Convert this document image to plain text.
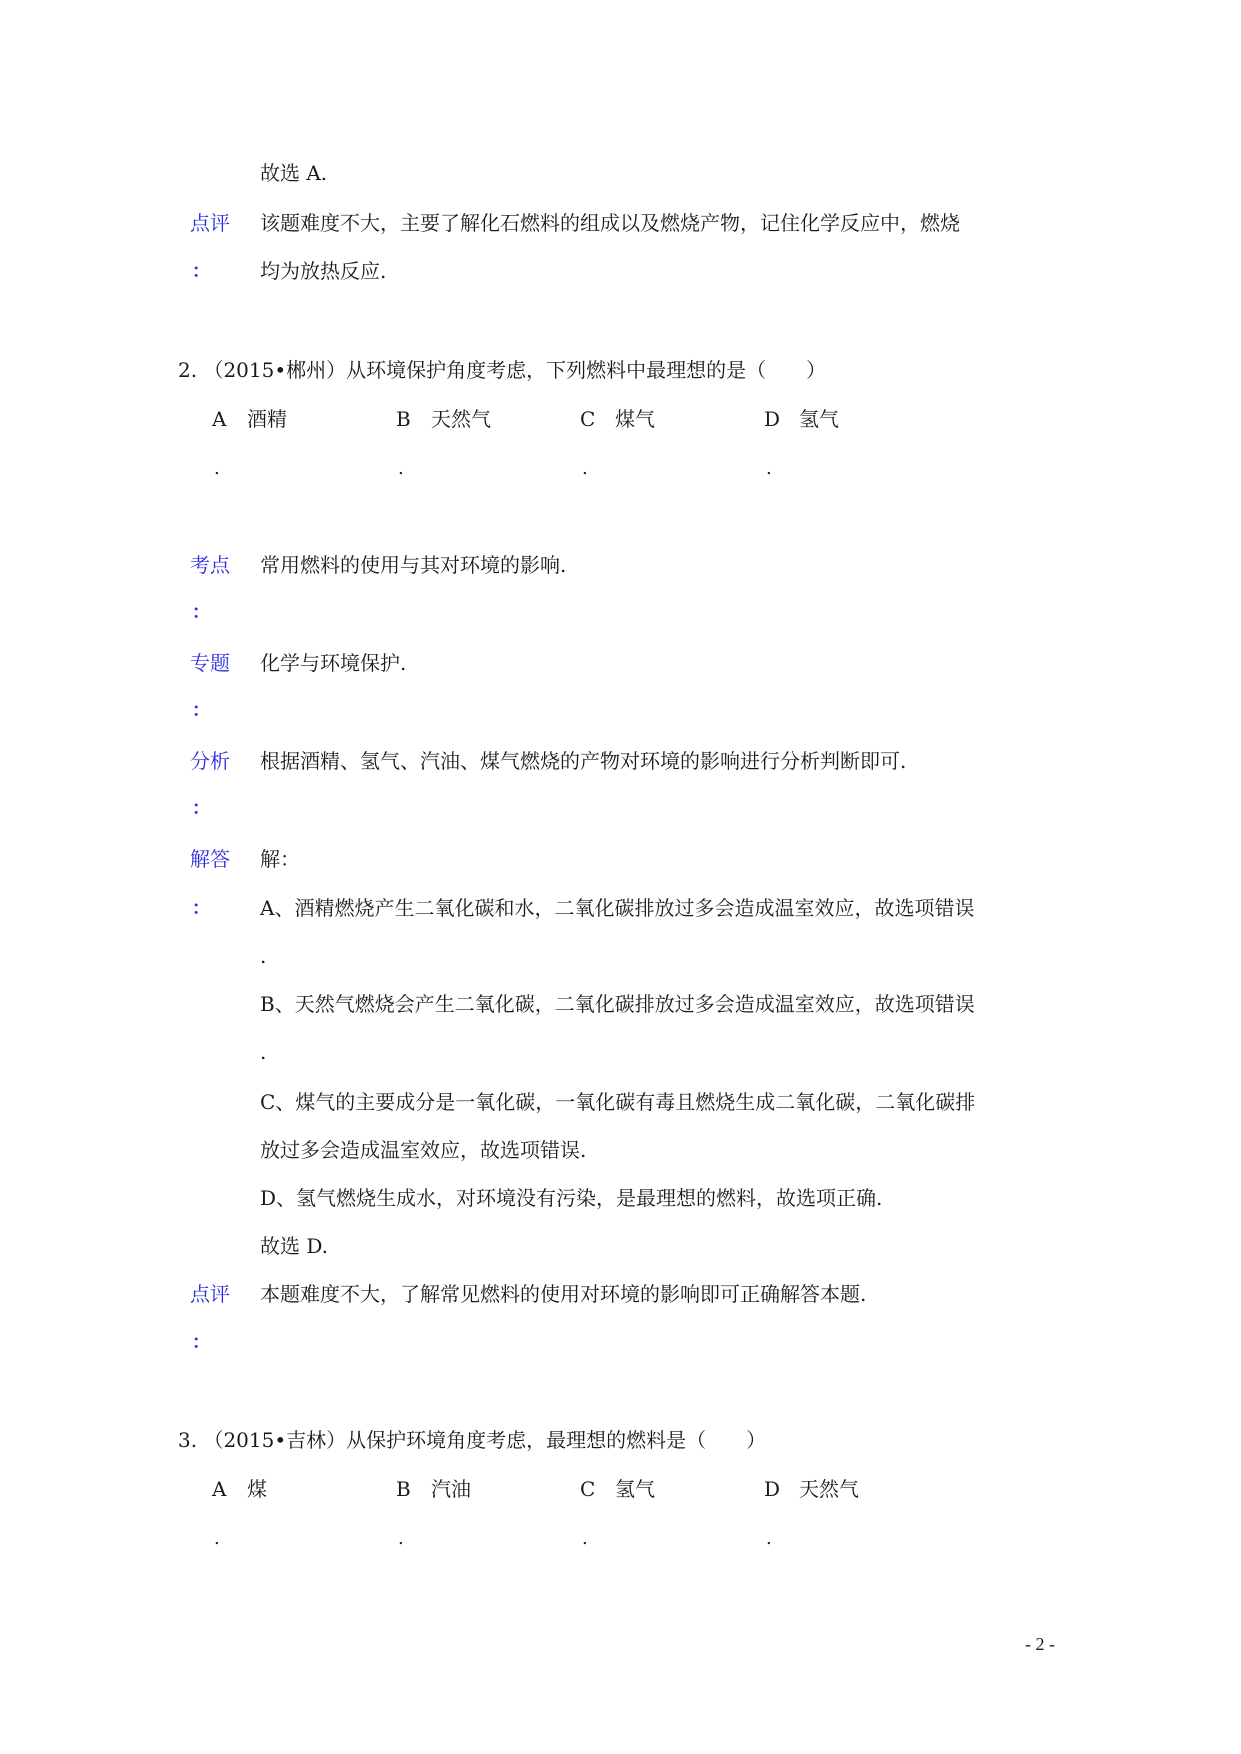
故选 A.
点评 该题难度不大，主要了解化石燃料的组成以及燃烧产物，记住化学反应中，燃烧
：	均为放热反应.
2. （2015•郴州）从环境保护角度考虑，下列燃料中最理想的是（　　）
A 酒精
.
B 天然气
.
C 煤气
.
D 氢气
.
考点 常用燃料的使用与其对环境的影响.
：
专题 化学与环境保护.
：
分析 根据酒精、氢气、汽油、煤气燃烧的产物对环境的影响进行分析判断即可.
：
解答 解：
：	A、酒精燃烧产生二氧化碳和水，二氧化碳排放过多会造成温室效应，故选项错误
.
B、天然气燃烧会产生二氧化碳，二氧化碳排放过多会造成温室效应，故选项错误
.
C、煤气的主要成分是一氧化碳，一氧化碳有毒且燃烧生成二氧化碳，二氧化碳排
放过多会造成温室效应，故选项错误.
D、氢气燃烧生成水，对环境没有污染，是最理想的燃料，故选项正确.
故选 D.
点评 本题难度不大，了解常见燃料的使用对环境的影响即可正确解答本题.
：
3. （2015•吉林）从保护环境角度考虑，最理想的燃料是（　　）
A 煤
.
B 汽油
.
C 氢气
.
D 天然气
.
- 2 -
